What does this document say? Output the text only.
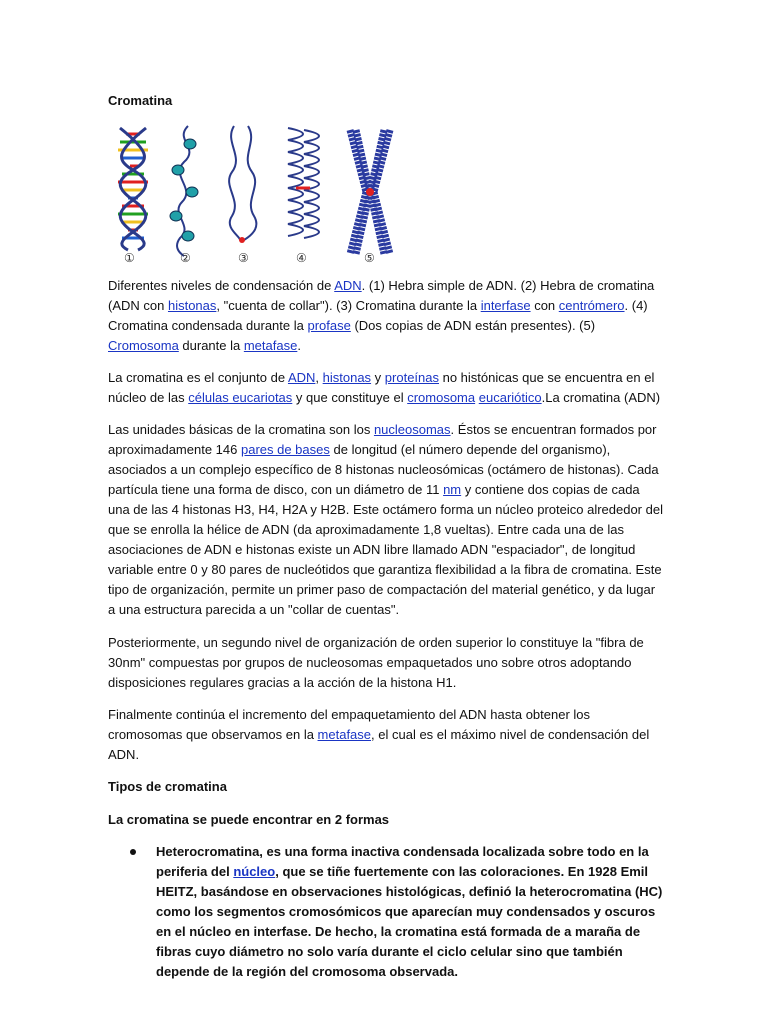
Cromatina
①	②	③	④	⑤
Diferentes niveles de condensación de ADN. (1) Hebra simple de ADN. (2) Hebra de cromatina (ADN con histonas, "cuenta de collar"). (3) Cromatina durante la interfase con centrómero. (4) Cromatina condensada durante la profase (Dos copias de ADN están presentes). (5) Cromosoma durante la metafase.
La cromatina es el conjunto de ADN, histonas y proteínas no histónicas que se encuentra en el núcleo de las células eucariotas y que constituye el cromosoma eucariótico.La cromatina (ADN)
Las unidades básicas de la cromatina son los nucleosomas. Éstos se encuentran formados por aproximadamente 146 pares de bases de longitud (el número depende del organismo), asociados a un complejo específico de 8 histonas nucleosómicas (octámero de histonas). Cada partícula tiene una forma de disco, con un diámetro de 11 nm y contiene dos copias de cada una de las 4 histonas H3, H4, H2A y H2B. Este octámero forma un núcleo proteico alrededor del que se enrolla la hélice de ADN (da aproximadamente 1,8 vueltas). Entre cada una de las asociaciones de ADN e histonas existe un ADN libre llamado ADN "espaciador", de longitud variable entre 0 y 80 pares de nucleótidos que garantiza flexibilidad a la fibra de cromatina. Este tipo de organización, permite un primer paso de compactación del material genético, y da lugar a una estructura parecida a un "collar de cuentas".
Posteriormente, un segundo nivel de organización de orden superior lo constituye la "fibra de 30nm" compuestas por grupos de nucleosomas empaquetados uno sobre otros adoptando disposiciones regulares gracias a la acción de la histona H1.
Finalmente continúa el incremento del empaquetamiento del ADN hasta obtener los cromosomas que observamos en la metafase, el cual es el máximo nivel de condensación del ADN.
Tipos de cromatina
La cromatina se puede encontrar en 2 formas
Heterocromatina, es una forma inactiva condensada localizada sobre todo en la periferia del núcleo, que se tiñe fuertemente con las coloraciones. En 1928 Emil HEITZ, basándose en observaciones histológicas, definió la heterocromatina (HC) como los segmentos cromosómicos que aparecían muy condensados y oscuros en el núcleo en interfase. De hecho, la cromatina está formada de a maraña de fibras cuyo diámetro no solo varía durante el ciclo celular sino que también depende de la región del cromosoma observada.
